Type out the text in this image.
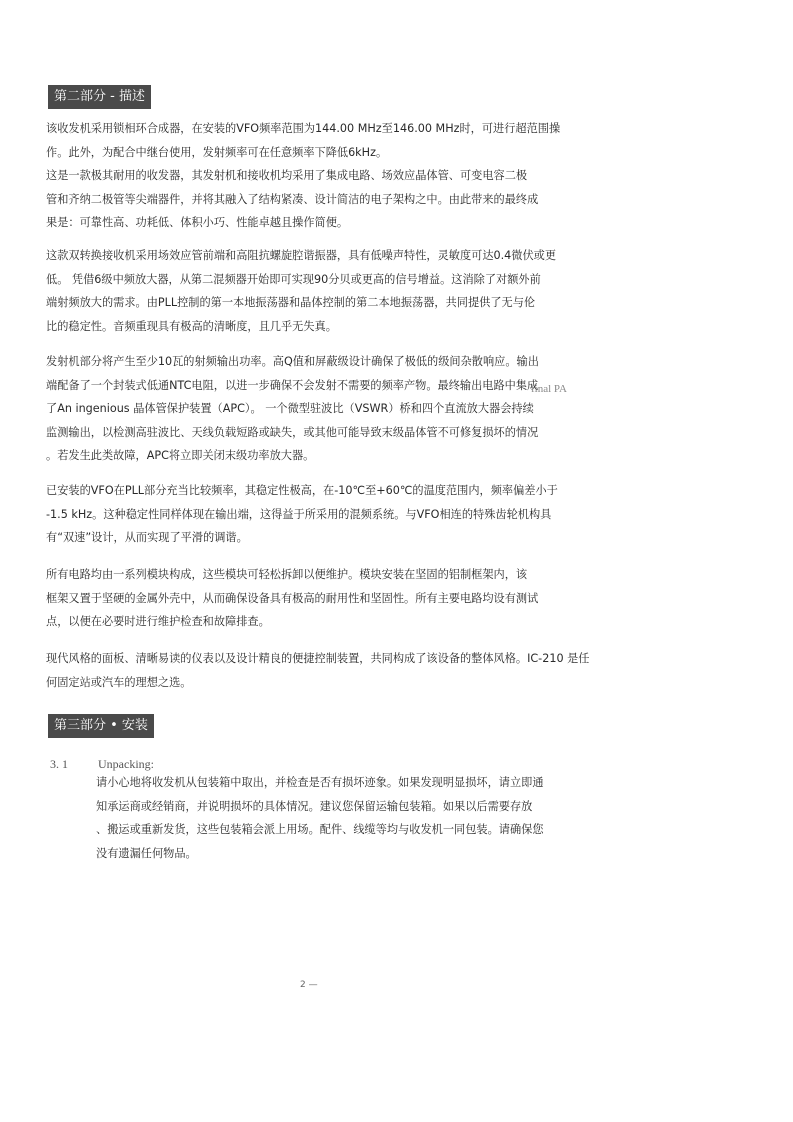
第二部分 - 描述
该收发机采用锁相环合成器，在安装的VFO频率范围为144.00 MHz至146.00 MHz时，可进行超范围操
作。此外，为配合中继台使用，发射频率可在任意频率下降低6kHz。
这是一款极其耐用的收发器，其发射机和接收机均采用了集成电路、场效应晶体管、可变电容二极
管和齐纳二极管等尖端器件，并将其融入了结构紧凑、设计简洁的电子架构之中。由此带来的最终成
果是：可靠性高、功耗低、体积小巧、性能卓越且操作简便。
这款双转换接收机采用场效应管前端和高阻抗螺旋腔谐振器，具有低噪声特性，灵敏度可达0.4微伏或更
低。 凭借6级中频放大器，从第二混频器开始即可实现90分贝或更高的信号增益。这消除了对额外前
端射频放大的需求。由PLL控制的第一本地振荡器和晶体控制的第二本地振荡器，共同提供了无与伦
比的稳定性。音频重现具有极高的清晰度，且几乎无失真。
发射机部分将产生至少10瓦的射频输出功率。高Q值和屏蔽级设计确保了极低的级间杂散响应。输出
端配备了一个封装式低通NTC电阻，以进一步确保不会发射不需要的频率产物。最终输出电路中集成
了An ingenious 晶体管保护装置（APC）。 一个微型驻波比（VSWR）桥和四个直流放大器会持续
监测输出，以检测高驻波比、天线负载短路或缺失，或其他可能导致末级晶体管不可修复损坏的情况
。若发生此类故障，APC将立即关闭末级功率放大器。
final PA
已安装的VFO在PLL部分充当比较频率，其稳定性极高，在-10℃至+60℃的温度范围内，频率偏差小于
-1.5 kHz。这种稳定性同样体现在输出端，这得益于所采用的混频系统。与VFO相连的特殊齿轮机构具
有“双速”设计，从而实现了平滑的调谐。
所有电路均由一系列模块构成，这些模块可轻松拆卸以便维护。模块安装在坚固的铝制框架内，该
框架又置于坚硬的金属外壳中，从而确保设备具有极高的耐用性和坚固性。所有主要电路均设有测试
点，以便在必要时进行维护检查和故障排查。
现代风格的面板、清晰易读的仪表以及设计精良的便捷控制装置，共同构成了该设备的整体风格。IC-210 是任
何固定站或汽车的理想之选。
第三部分 • 安装
3. 1	Unpacking:
请小心地将收发机从包装箱中取出，并检查是否有损坏迹象。如果发现明显损坏，请立即通
知承运商或经销商，并说明损坏的具体情况。建议您保留运输包装箱。如果以后需要存放
、搬运或重新发货，这些包装箱会派上用场。配件、线缆等均与收发机一同包装。请确保您
没有遗漏任何物品。
2 —
